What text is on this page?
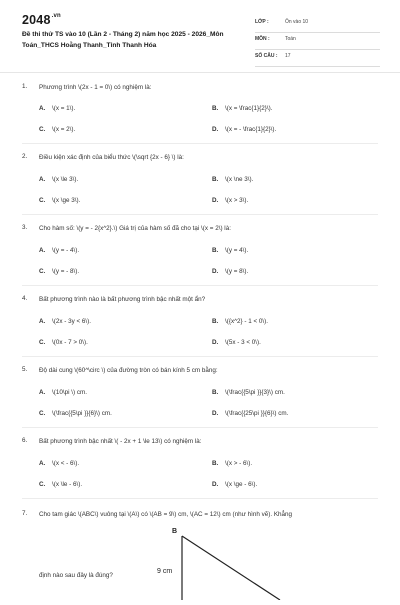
$2048^{.vn}$
Đề thi thử TS vào 10 (Lần 2 - Tháng 2) năm học 2025 - 2026_Môn Toán_THCS Hoằng Thanh_Tỉnh Thanh Hóa
LỚP :	Ôn vào 10
MÔN :	Toán
SỐ CÂU : 17
1. Phương trình \(2x - 1 = 0\) có nghiệm là:
A. \(x = 1\).	B. \(x = \frac{1}{2}\).
C. \(x = 2\).	D. \(x = - \frac{1}{2}\).
2. Điều kiện xác định của biểu thức \(\sqrt {2x - 6} \) là:
A. \(x \le 3\).	B. \(x \ne 3\).
C. \(x \ge 3\).	D. \(x > 3\).
3. Cho hàm số: \(y = - 2{x^2}.\) Giá trị của hàm số đã cho tại \(x = 2\) là:
A. \(y = - 4\).	B. \(y = 4\).
C. \(y = - 8\).	D. \(y = 8\).
4. Bất phương trình nào là bất phương trình bậc nhất một ẩn?
A. \(2x - 3y < 6\).	B. \({x^2} - 1 < 0\).
C. \(0x - 7 > 0\).	D. \(5x - 3 < 0\).
5. Độ dài cung \(60^\circ \) của đường tròn có bán kính 5 cm bằng:
A. \(10\pi \) cm.	B. \(\frac{{5\pi }}{3}\) cm.
C. \(\frac{{5\pi }}{6}\) cm.	D. \(\frac{{25\pi }}{6}\) cm.
6. Bất phương trình bậc nhất \( - 2x + 1 \le 13\) có nghiệm là:
A. \(x < - 6\).	B. \(x > - 6\).
C. \(x \le - 6\).	D. \(x \ge - 6\).
7. Cho tam giác \(ABC\) vuông tại \(A\) có \(AB = 9\) cm, \(AC = 12\) cm (như hình vẽ). Khẳng
định nào sau đây là đúng?
B
9 cm
